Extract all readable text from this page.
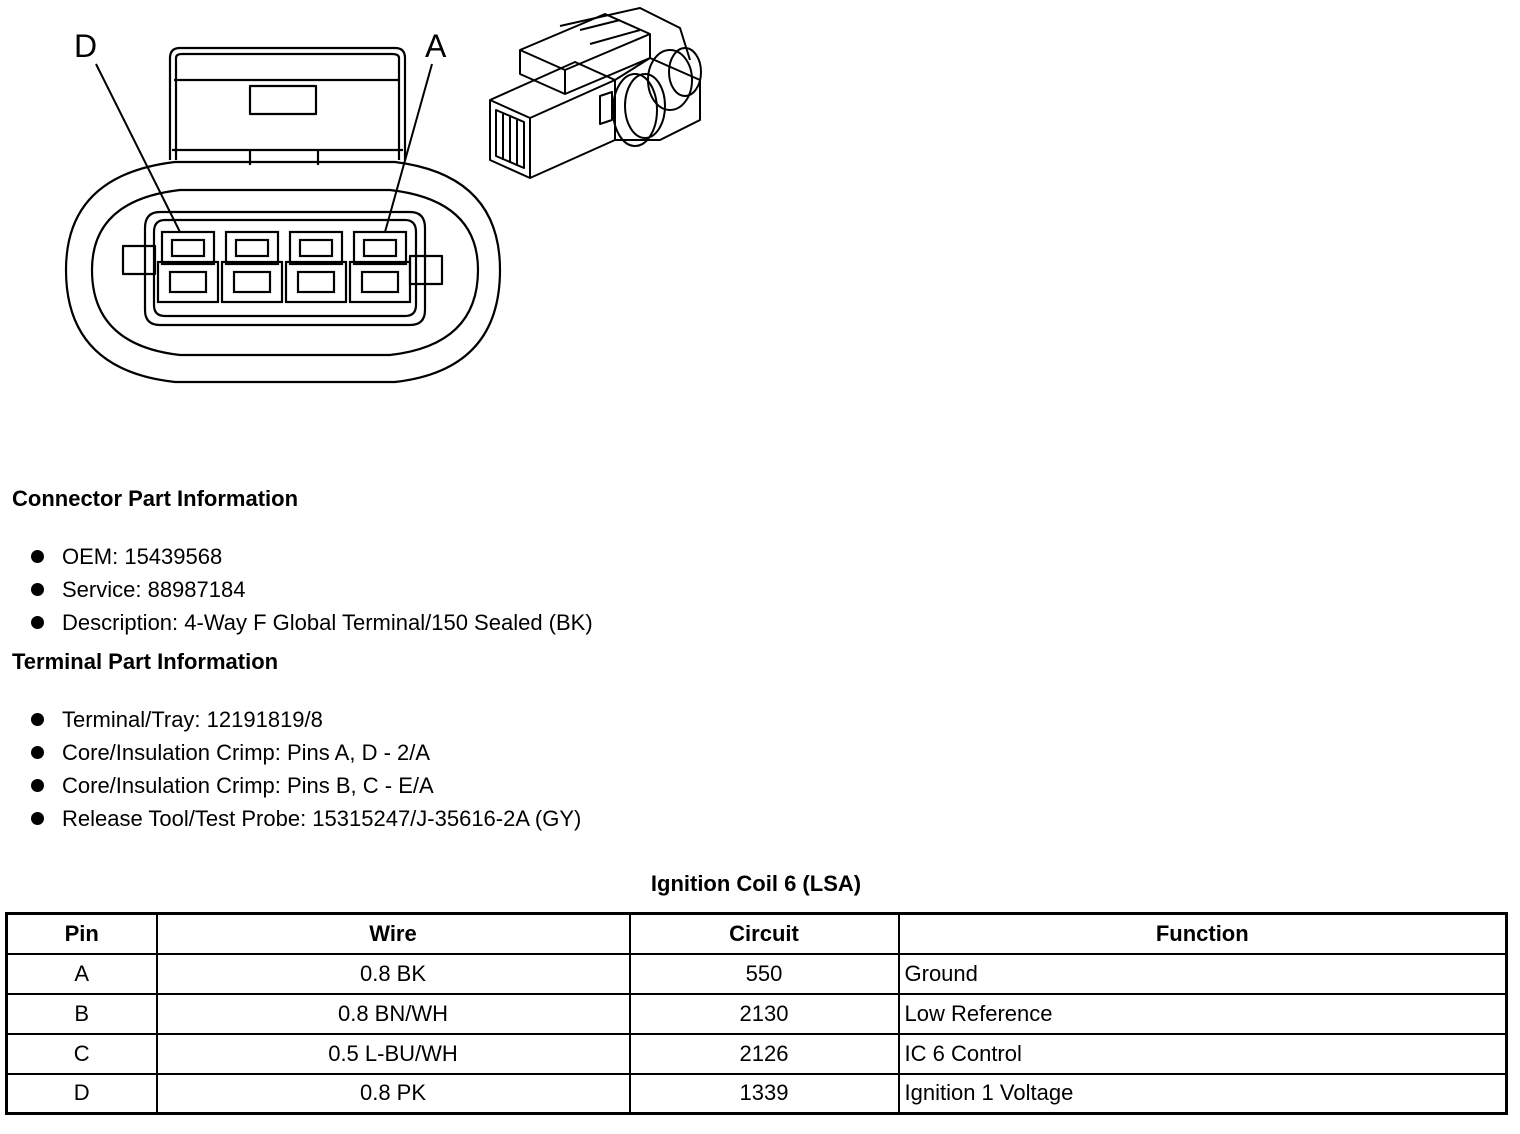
D	A
Connector Part Information
OEM: 15439568
Service: 88987184
Description: 4-Way F Global Terminal/150 Sealed (BK)
Terminal Part Information
Terminal/Tray: 12191819/8
Core/Insulation Crimp: Pins A, D - 2/A
Core/Insulation Crimp: Pins B, C - E/A
Release Tool/Test Probe: 15315247/J-35616-2A (GY)
Ignition Coil 6 (LSA)
Pin	Wire	Circuit	Function
A	0.8 BK	550	Ground
B	0.8 BN/WH	2130	Low Reference
C	0.5 L-BU/WH	2126	IC 6 Control
D	0.8 PK	1339	Ignition 1 Voltage
